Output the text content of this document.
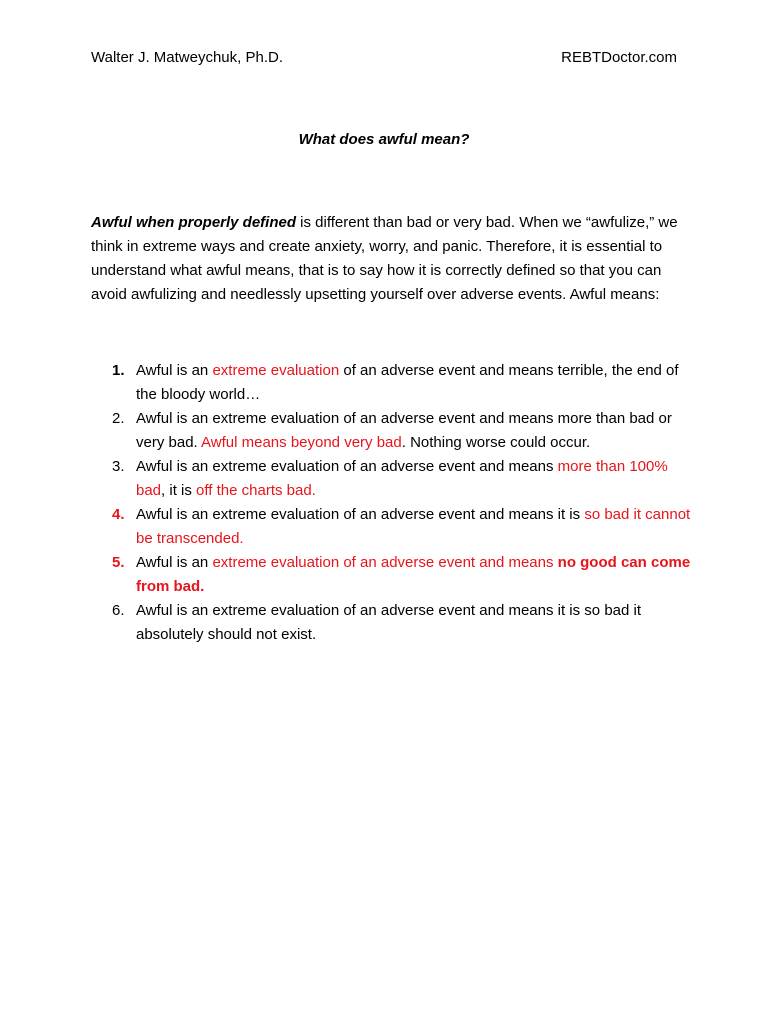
Walter J. Matweychuk, Ph.D.	REBTDoctor.com
What does awful mean?

Awful when properly defined is different than bad or very bad. When we “awfulize,” we think in extreme ways and create anxiety, worry, and panic. Therefore, it is essential to understand what awful means, that is to say how it is correctly defined so that you can avoid awfulizing and needlessly upsetting yourself over adverse events. Awful means:

1. Awful is an extreme evaluation of an adverse event and means terrible, the end of the bloody world…
2. Awful is an extreme evaluation of an adverse event and means more than bad or very bad. Awful means beyond very bad. Nothing worse could occur.
3. Awful is an extreme evaluation of an adverse event and means more than 100% bad, it is off the charts bad.
4. Awful is an extreme evaluation of an adverse event and means it is so bad it cannot be transcended.
5. Awful is an extreme evaluation of an adverse event and means no good can come from bad.
6. Awful is an extreme evaluation of an adverse event and means it is so bad it absolutely should not exist.
